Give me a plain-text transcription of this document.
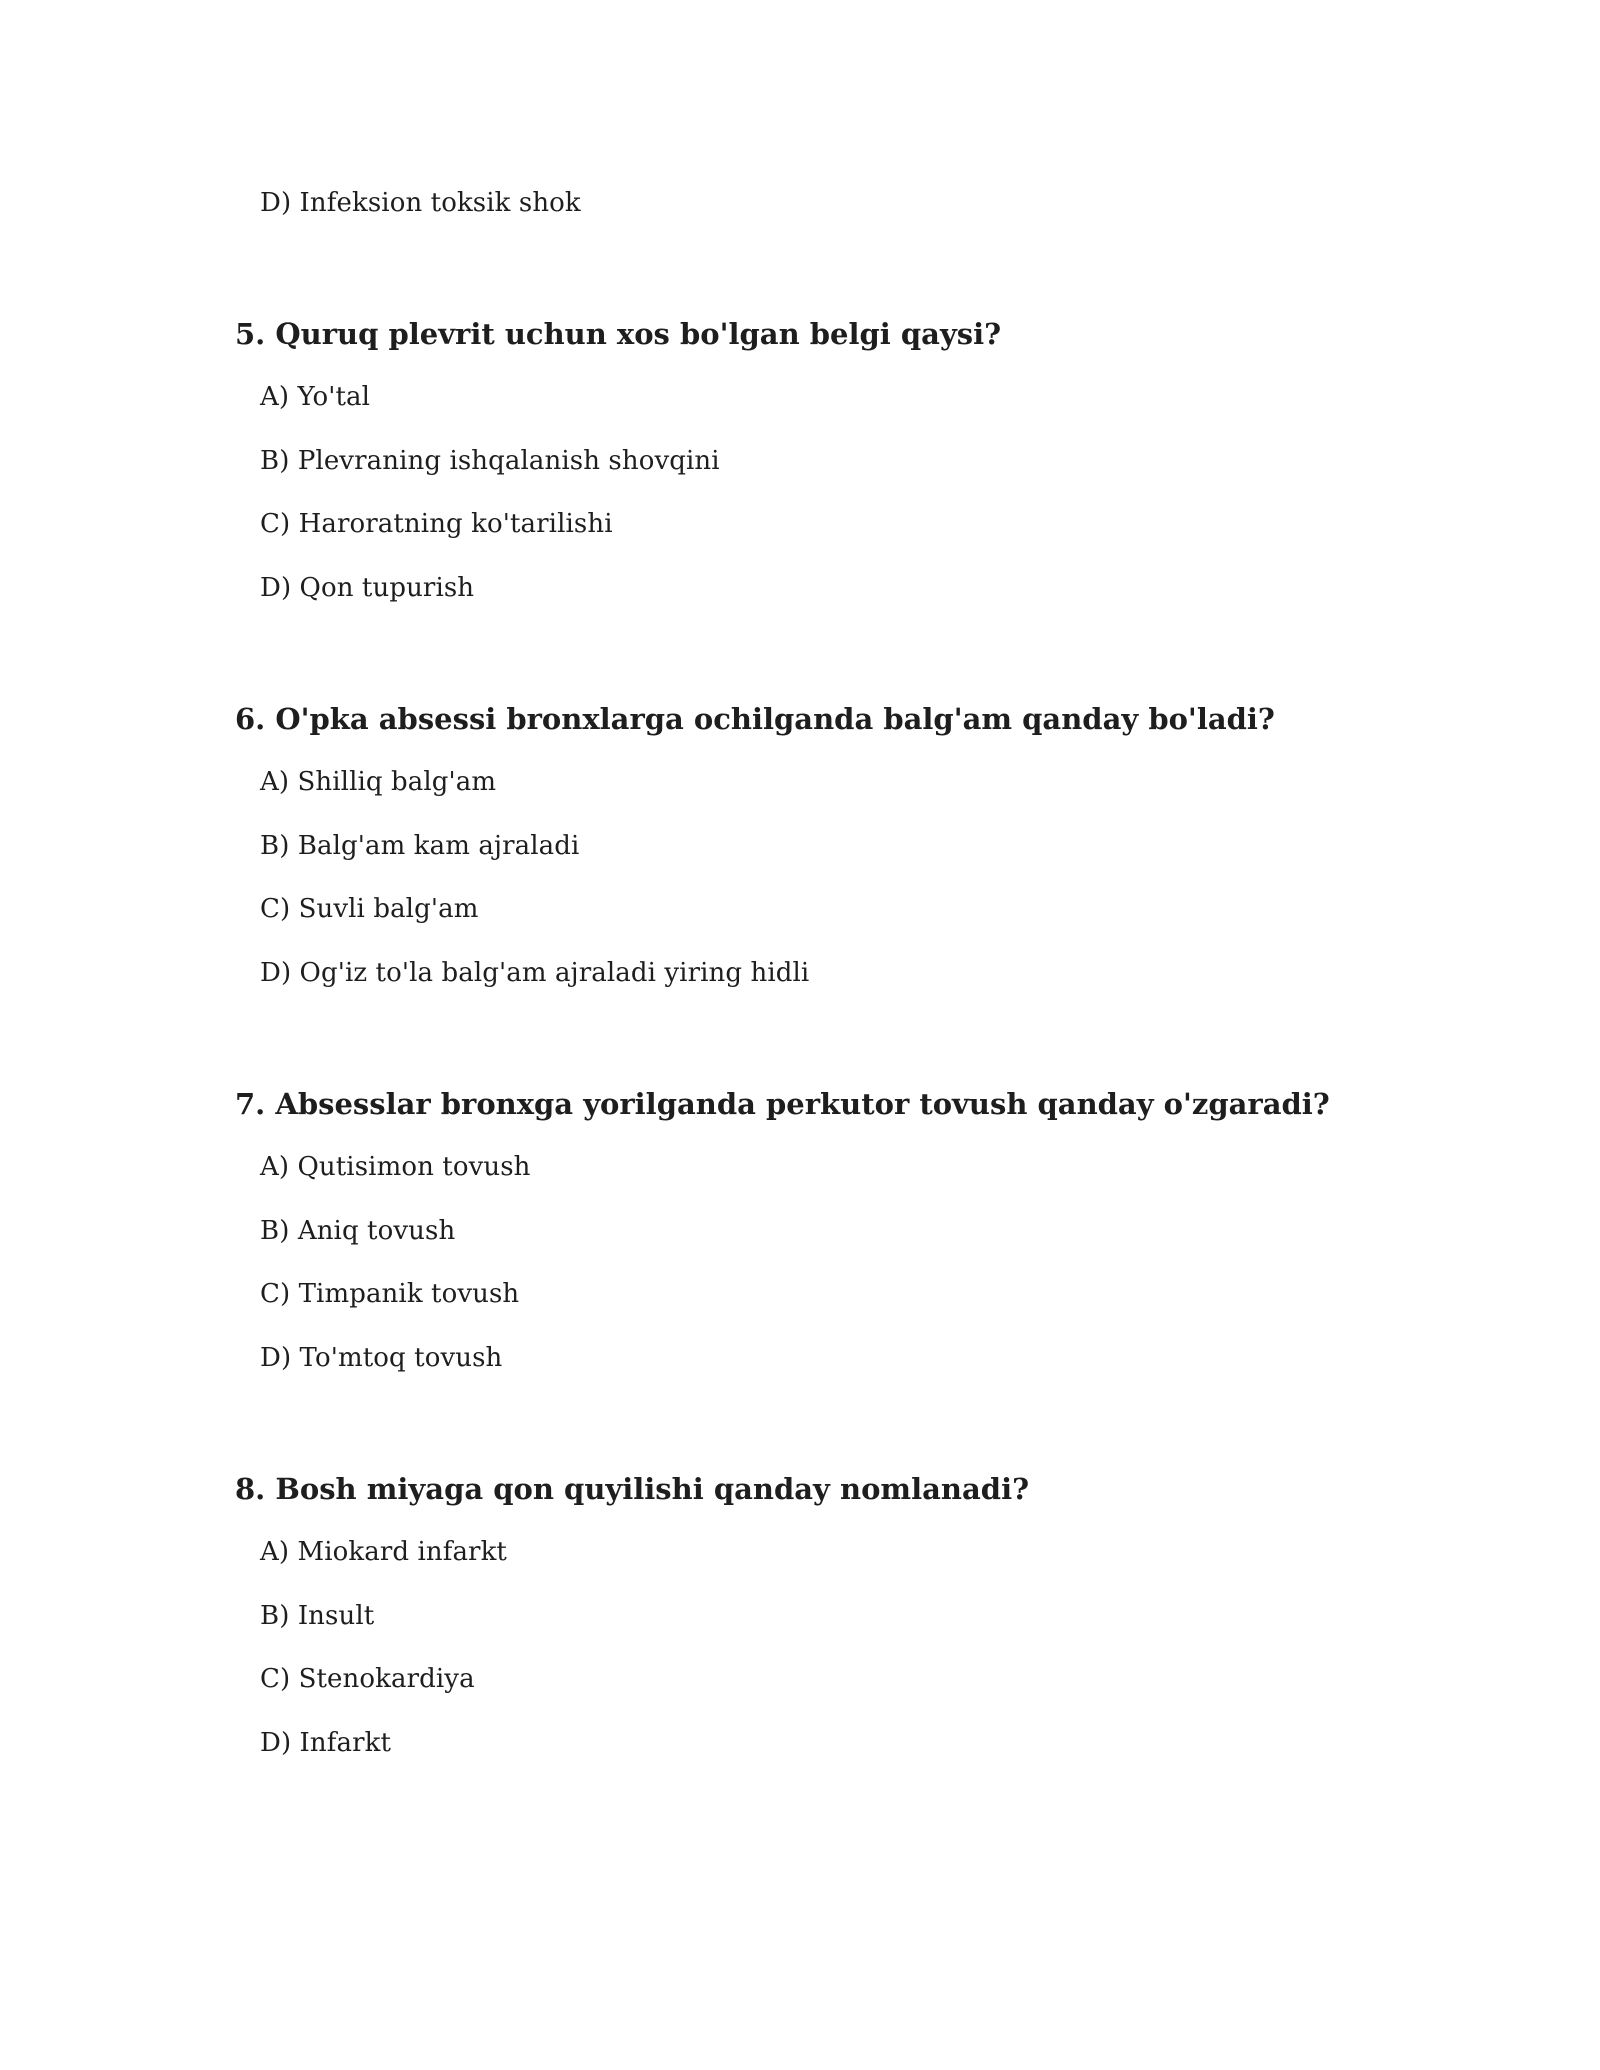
D) Infeksion toksik shok
5. Quruq plevrit uchun xos bo'lgan belgi qaysi?
A) Yo'tal
B) Plevraning ishqalanish shovqini
C) Haroratning ko'tarilishi
D) Qon tupurish
6. O'pka absessi bronxlarga ochilganda balg'am qanday bo'ladi?
A) Shilliq balg'am
B) Balg'am kam ajraladi
C) Suvli balg'am
D) Og'iz to'la balg'am ajraladi yiring hidli
7. Absesslar bronxga yorilganda perkutor tovush qanday o'zgaradi?
A) Qutisimon tovush
B) Aniq tovush
C) Timpanik tovush
D) To'mtoq tovush
8. Bosh miyaga qon quyilishi qanday nomlanadi?
A) Miokard infarkt
B) Insult
C) Stenokardiya
D) Infarkt
